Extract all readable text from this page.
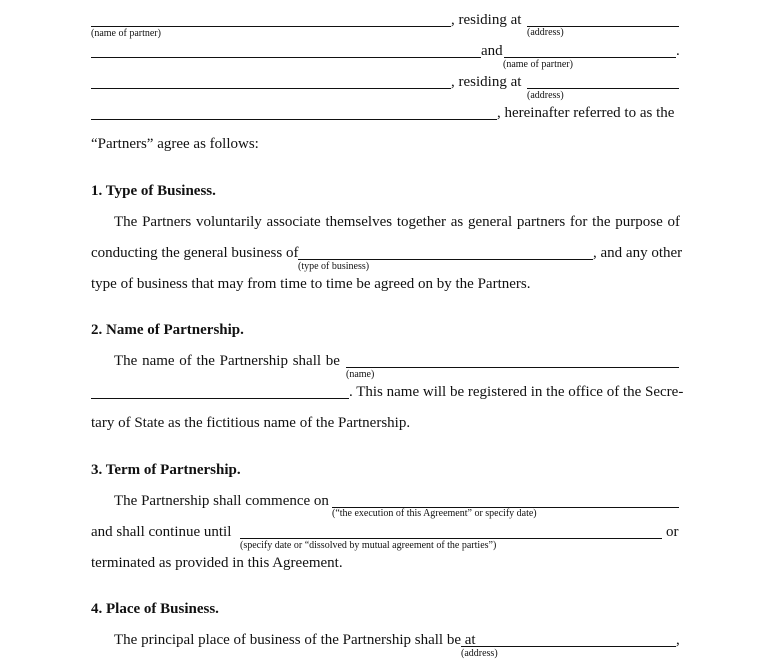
, residing at
(name of partner)	(address)
and	.
(name of partner)
, residing at
(address)
, hereinafter referred to as the
“Partners” agree as follows:
1. Type of Business.
The Partners voluntarily associate themselves together as general partners for the purpose of
conducting the general business of	, and any other
(type of business)
type of business that may from time to time be agreed on by the Partners.
2. Name of Partnership.
The name of the Partnership shall be
(name)
. This name will be registered in the office of the Secre-
tary of State as the fictitious name of the Partnership.
3. Term of Partnership.
The Partnership shall commence on
(“the execution of this Agreement” or specify date)
and shall continue until	or
(specify date or “dissolved by mutual agreement of the parties”)
terminated as provided in this Agreement.
4. Place of Business.
The principal place of business of the Partnership shall be at	,
(address)
